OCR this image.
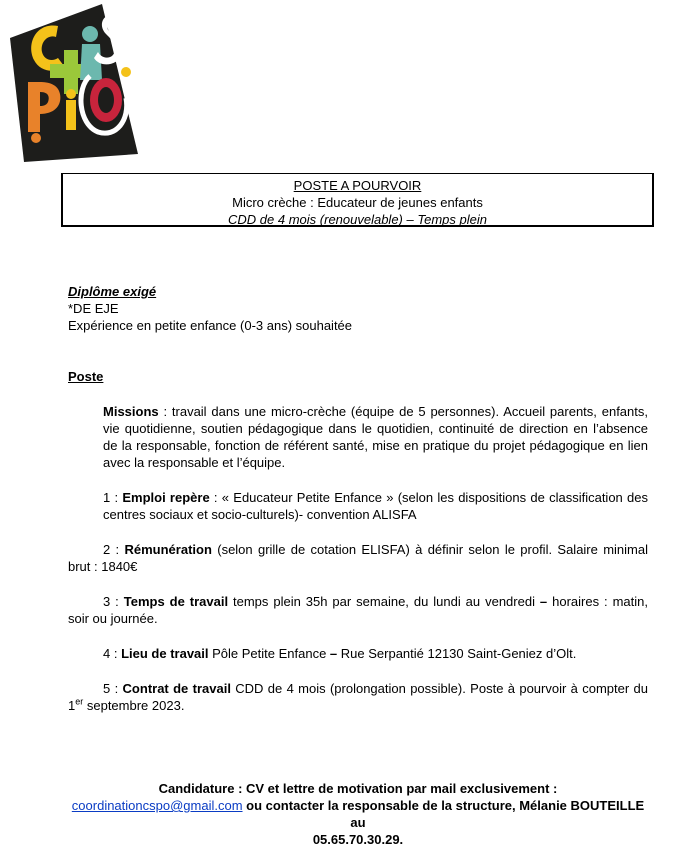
POSTE A POURVOIR
Micro crèche : Educateur de jeunes enfants
CDD de 4 mois (renouvelable) – Temps plein
Diplôme exigé
*DE EJE
Expérience en petite enfance (0-3 ans) souhaitée
Poste
Missions : travail dans une micro-crèche (équipe de 5 personnes). Accueil parents, enfants, vie quotidienne, soutien pédagogique dans le quotidien, continuité de direction en l’absence de la responsable, fonction de référent santé, mise en pratique du projet pédagogique en lien avec la responsable et l’équipe.
1 : Emploi repère : « Educateur Petite Enfance » (selon les dispositions de classification des centres sociaux et socio-culturels)- convention ALISFA
2 : Rémunération (selon grille de cotation ELISFA) à définir selon le profil. Salaire minimal brut : 1840€
3 : Temps de travail temps plein 35h par semaine, du lundi au vendredi – horaires : matin, soir ou journée.
4 : Lieu de travail Pôle Petite Enfance – Rue Serpantié 12130 Saint-Geniez d’Olt.
5 : Contrat de travail CDD de 4 mois (prolongation possible). Poste à pourvoir à compter du 1er septembre 2023.
Candidature : CV et lettre de motivation par mail exclusivement :
coordinationcspo@gmail.com ou contacter la responsable de la structure, Mélanie BOUTEILLE au
05.65.70.30.29.
